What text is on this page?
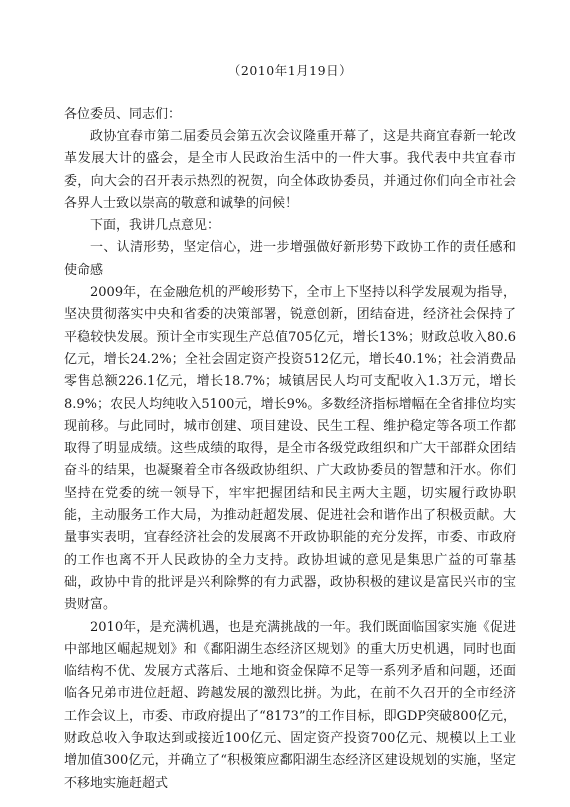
（2010年1月19日）

各位委员、同志们：

政协宜春市第二届委员会第五次会议隆重开幕了，这是共商宜春新一轮改革发展大计的盛会，是全市人民政治生活中的一件大事。我代表中共宜春市委，向大会的召开表示热烈的祝贺，向全体政协委员，并通过你们向全市社会各界人士致以崇高的敬意和诚挚的问候！

下面，我讲几点意见：

一、认清形势，坚定信心，进一步增强做好新形势下政协工作的责任感和使命感

2009年，在金融危机的严峻形势下，全市上下坚持以科学发展观为指导，坚决贯彻落实中央和省委的决策部署，锐意创新，团结奋进，经济社会保持了平稳较快发展。预计全市实现生产总值705亿元，增长13%；财政总收入80.6亿元，增长24.2%；全社会固定资产投资512亿元，增长40.1%；社会消费品零售总额226.1亿元，增长18.7%；城镇居民人均可支配收入1.3万元，增长8.9%；农民人均纯收入5100元，增长9%。多数经济指标增幅在全省排位均实现前移。与此同时，城市创建、项目建设、民生工程、维护稳定等各项工作都取得了明显成绩。这些成绩的取得，是全市各级党政组织和广大干部群众团结奋斗的结果，也凝聚着全市各级政协组织、广大政协委员的智慧和汗水。你们坚持在党委的统一领导下，牢牢把握团结和民主两大主题，切实履行政协职能，主动服务工作大局，为推动赶超发展、促进社会和谐作出了积极贡献。大量事实表明，宜春经济社会的发展离不开政协职能的充分发挥，市委、市政府的工作也离不开人民政协的全力支持。政协坦诚的意见是集思广益的可靠基础，政协中肯的批评是兴利除弊的有力武器，政协积极的建议是富民兴市的宝贵财富。

2010年，是充满机遇，也是充满挑战的一年。我们既面临国家实施《促进中部地区崛起规划》和《鄱阳湖生态经济区规划》的重大历史机遇，同时也面临结构不优、发展方式落后、土地和资金保障不足等一系列矛盾和问题，还面临各兄弟市进位赶超、跨越发展的激烈比拼。为此，在前不久召开的全市经济工作会议上，市委、市政府提出了“8173”的工作目标，即GDP突破800亿元，财政总收入争取达到或接近100亿元、固定资产投资700亿元、规模以上工业增加值300亿元，并确立了“积极策应鄱阳湖生态经济区建设规划的实施，坚定不移地实施赶超式
